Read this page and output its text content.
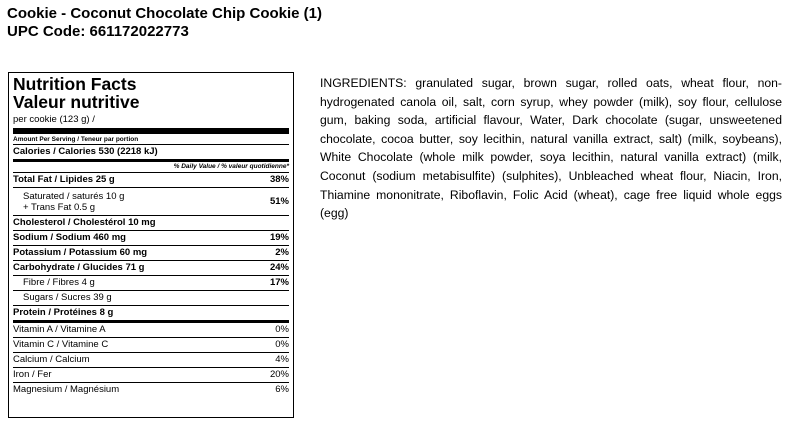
Cookie - Coconut Chocolate Chip Cookie (1)
UPC Code: 661172022773
Nutrition Facts
Valeur nutritive
per cookie (123 g) /
Amount Per Serving / Teneur par portion
Calories / Calories 530 (2218 kJ)
% Daily Value / % valeur quotidienne*
Total Fat / Lipides 25 g	38%
Saturated / saturés 10 g
+ Trans Fat 0.5 g	51%
Cholesterol / Cholestérol 10 mg
Sodium / Sodium 460 mg	19%
Potassium / Potassium 60 mg	2%
Carbohydrate / Glucides 71 g	24%
Fibre / Fibres 4 g	17%
Sugars / Sucres 39 g
Protein / Protéines 8 g
Vitamin A / Vitamine A	0%
Vitamin C / Vitamine C	0%
Calcium / Calcium	4%
Iron / Fer	20%
Magnesium / Magnésium	6%
INGREDIENTS: granulated sugar, brown sugar, rolled oats, wheat flour, non-hydrogenated canola oil, salt, corn syrup, whey powder (milk), soy flour, cellulose gum, baking soda, artificial flavour, Water, Dark chocolate (sugar, unsweetened chocolate, cocoa butter, soy lecithin, natural vanilla extract, salt) (milk, soybeans), White Chocolate (whole milk powder, soya lecithin, natural vanilla extract) (milk, Coconut (sodium metabisulfite) (sulphites), Unbleached wheat flour, Niacin, Iron, Thiamine mononitrate, Riboflavin, Folic Acid (wheat), cage free liquid whole eggs (egg)
